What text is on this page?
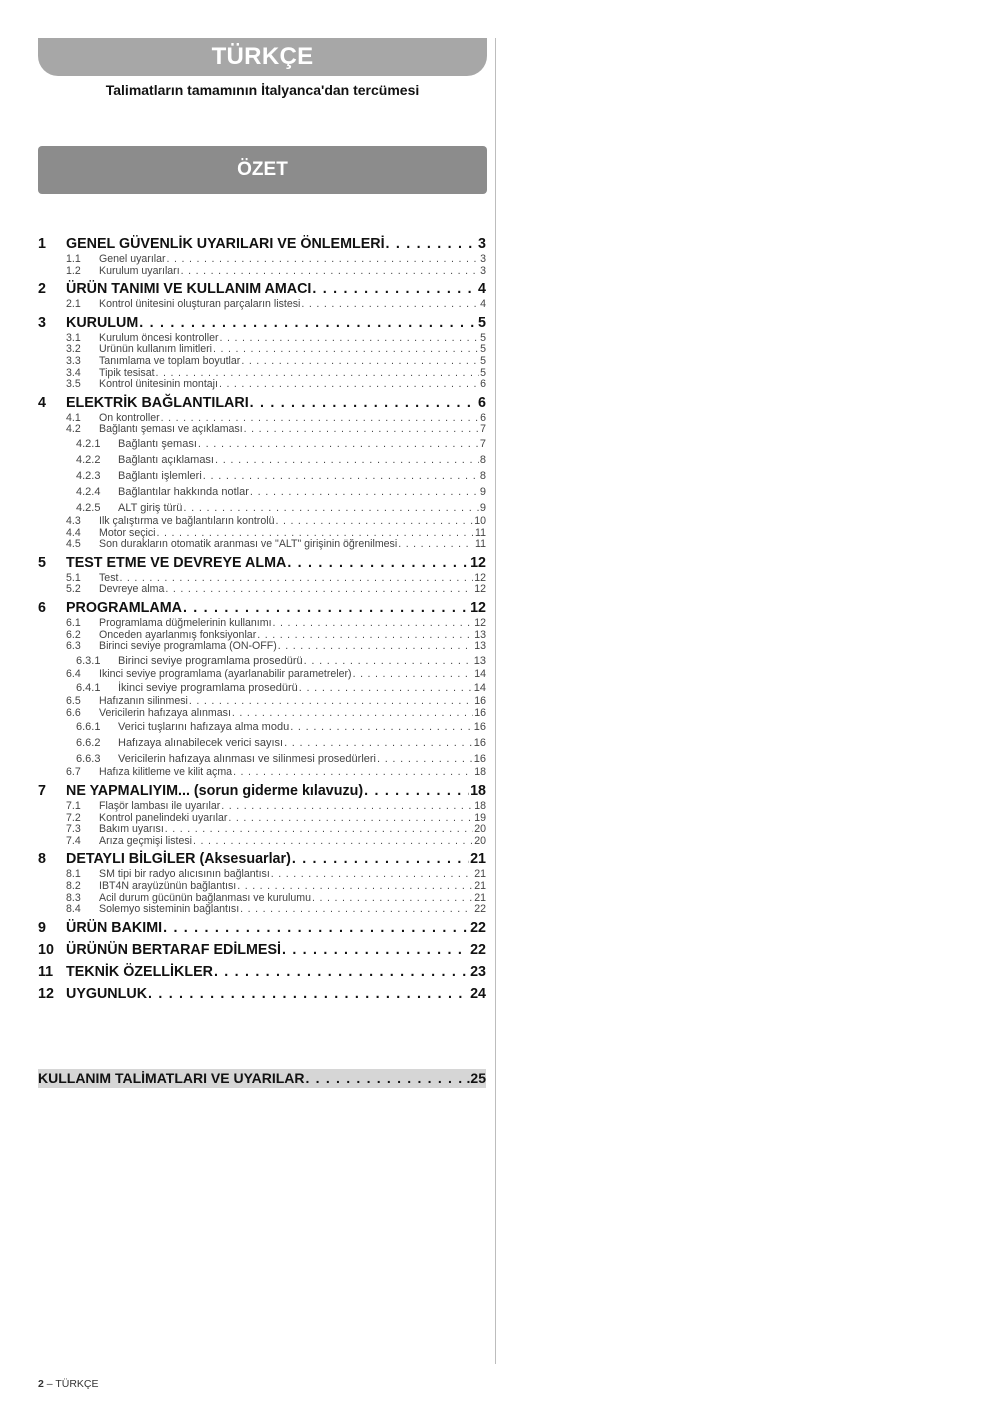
TÜRKÇE
Talimatların tamamının İtalyanca'dan tercümesi
ÖZET
1	GENEL GÜVENLİK UYARILARI VE ÖNLEMLERİ . . .	3
1.1	Genel uyarılar . . .	3
1.2	Kurulum uyarıları . . .	3
2	ÜRÜN TANIMI VE KULLANIM AMACI . . .	4
2.1	Kontrol ünitesini oluşturan parçaların listesi . . .	4
3	KURULUM . . .	5
3.1	Kurulum öncesi kontroller . . .	5
3.2	Ürünün kullanım limitleri . . .	5
3.3	Tanımlama ve toplam boyutlar . . .	5
3.4	Tipik tesisat . . .	5
3.5	Kontrol ünitesinin montajı . . .	6
4	ELEKTRİK BAĞLANTILARI . . .	6
4.1	Ön kontroller . . .	6
4.2	Bağlantı şeması ve açıklaması . . .	7
4.2.1	Bağlantı şeması . . .	7
4.2.2	Bağlantı açıklaması . . .	8
4.2.3	Bağlantı işlemleri . . .	8
4.2.4	Bağlantılar hakkında notlar . . .	9
4.2.5	ALT giriş türü . . .	9
4.3	İlk çalıştırma ve bağlantıların kontrolü . . .	10
4.4	Motor seçici . . .	11
4.5	Son durakların otomatik aranması ve "ALT" girişinin öğrenilmesi . . .	11
5	TEST ETME VE DEVREYE ALMA . . .	12
5.1	Test . . .	12
5.2	Devreye alma . . .	12
6	PROGRAMLAMA . . .	12
6.1	Programlama düğmelerinin kullanımı . . .	12
6.2	Önceden ayarlanmış fonksiyonlar . . .	13
6.3	Birinci seviye programlama (ON-OFF) . . .	13
6.3.1	Birinci seviye programlama prosedürü . . .	13
6.4	İkinci seviye programlama (ayarlanabilir parametreler) . . .	14
6.4.1	İkinci seviye programlama prosedürü . . .	14
6.5	Hafızanın silinmesi . . .	16
6.6	Vericilerin hafızaya alınması . . .	16
6.6.1	Verici tuşlarını hafızaya alma modu . . .	16
6.6.2	Hafızaya alınabilecek verici sayısı . . .	16
6.6.3	Vericilerin hafızaya alınması ve silinmesi prosedürleri . . .	16
6.7	Hafıza kilitleme ve kilit açma . . .	18
7	NE YAPMALIYIM... (sorun giderme kılavuzu) . . .	18
7.1	Flaşör lambası ile uyarılar . . .	18
7.2	Kontrol panelindeki uyarılar . . .	19
7.3	Bakım uyarısı . . .	20
7.4	Arıza geçmişi listesi . . .	20
8	DETAYLI BİLGİLER (Aksesuarlar) . . .	21
8.1	SM tipi bir radyo alıcısının bağlantısı . . .	21
8.2	IBT4N arayüzünün bağlantısı . . .	21
8.3	Acil durum gücünün bağlanması ve kurulumu . . .	21
8.4	Solemyo sisteminin bağlantısı . . .	22
9	ÜRÜN BAKIMI . . .	22
10 ÜRÜNÜN BERTARAF EDİLMESİ . . .	22
11 TEKNİK ÖZELLİKLER . . .	23
12 UYGUNLUK . . .	24
KULLANIM TALİMATLARI VE UYARILAR . . .	.25
2 – TÜRKÇE
